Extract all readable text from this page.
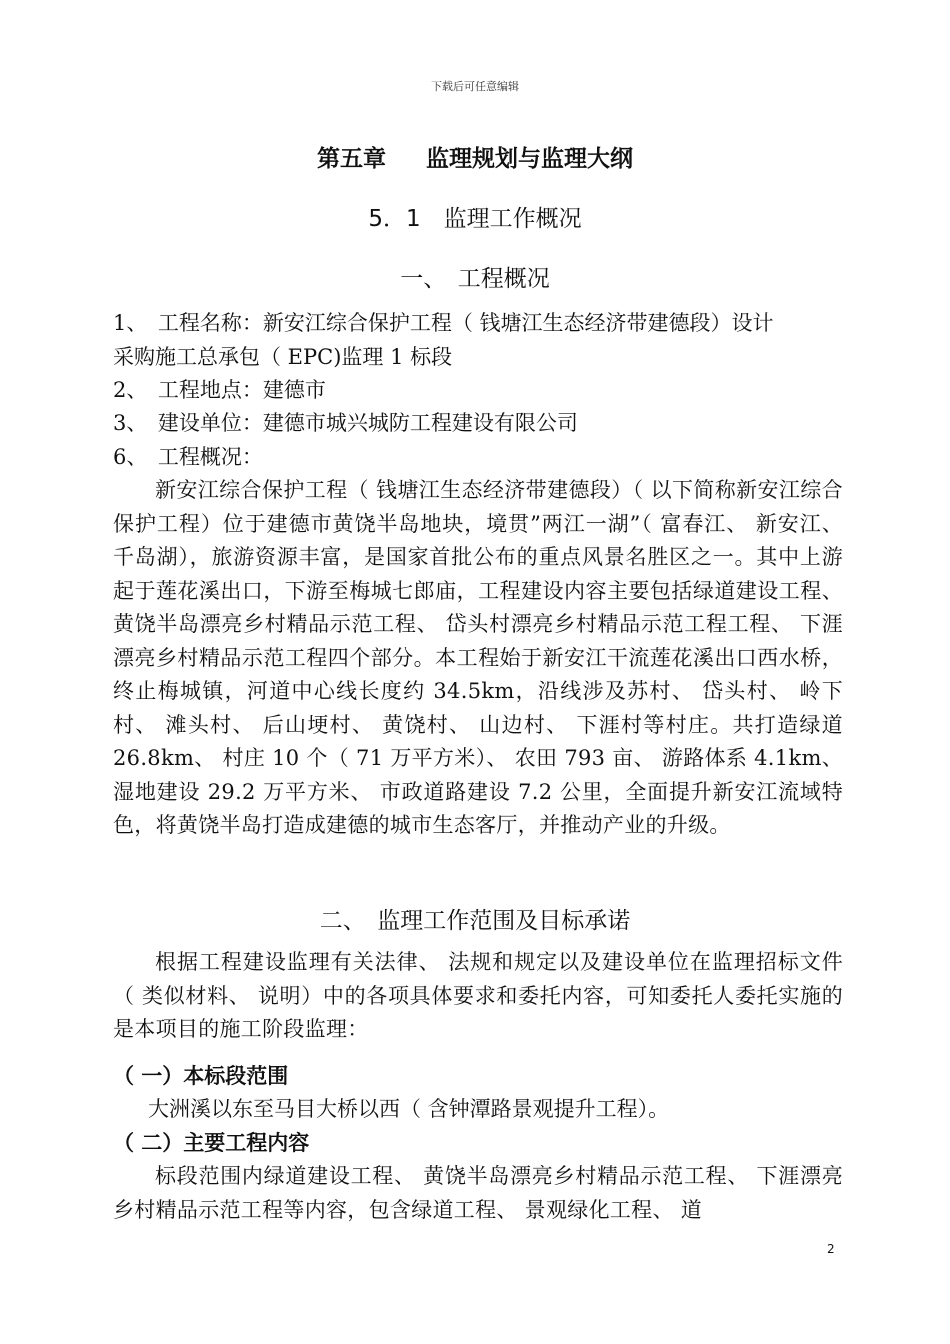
下载后可任意编辑
第五章 监理规划与监理大纲
5．1　监理工作概况
一、　工程概况
1、　工程名称：新安江综合保护工程（ 钱塘江生态经济带建德段）设计
采购施工总承包（ EPC)监理 1 标段
2、　工程地点：建德市
3、　建设单位：建德市城兴城防工程建设有限公司
6、　工程概况：
新安江综合保护工程（ 钱塘江生态经济带建德段）（ 以下简称新安江综合保护工程）位于建德市黄饶半岛地块，境贯”两江一湖”（ 富春江、 新安江、 千岛湖），旅游资源丰富，是国家首批公布的重点风景名胜区之一。其中上游起于莲花溪出口，下游至梅城七郎庙，工程建设内容主要包括绿道建设工程、 黄饶半岛漂亮乡村精品示范工程、 岱头村漂亮乡村精品示范工程工程、 下涯漂亮乡村精品示范工程四个部分。本工程始于新安江干流莲花溪出口西水桥，终止梅城镇，河道中心线长度约 34.5km，沿线涉及苏村、 岱头村、 岭下村、 滩头村、 后山埂村、 黄饶村、 山边村、 下涯村等村庄。共打造绿道 26.8km、 村庄 10 个（ 71 万平方米）、 农田 793 亩、 游路体系 4.1km、 湿地建设 29.2 万平方米、 市政道路建设 7.2 公里，全面提升新安江流域特色，将黄饶半岛打造成建德的城市生态客厅，并推动产业的升级。
二、　监理工作范围及目标承诺
根据工程建设监理有关法律、 法规和规定以及建设单位在监理招标文件（ 类似材料、 说明）中的各项具体要求和委托内容，可知委托人委托实施的是本项目的施工阶段监理：
（ 一）本标段范围
大洲溪以东至马目大桥以西（ 含钟潭路景观提升工程）。
（ 二）主要工程内容
标段范围内绿道建设工程、 黄饶半岛漂亮乡村精品示范工程、 下涯漂亮乡村精品示范工程等内容，包含绿道工程、 景观绿化工程、 道
2
